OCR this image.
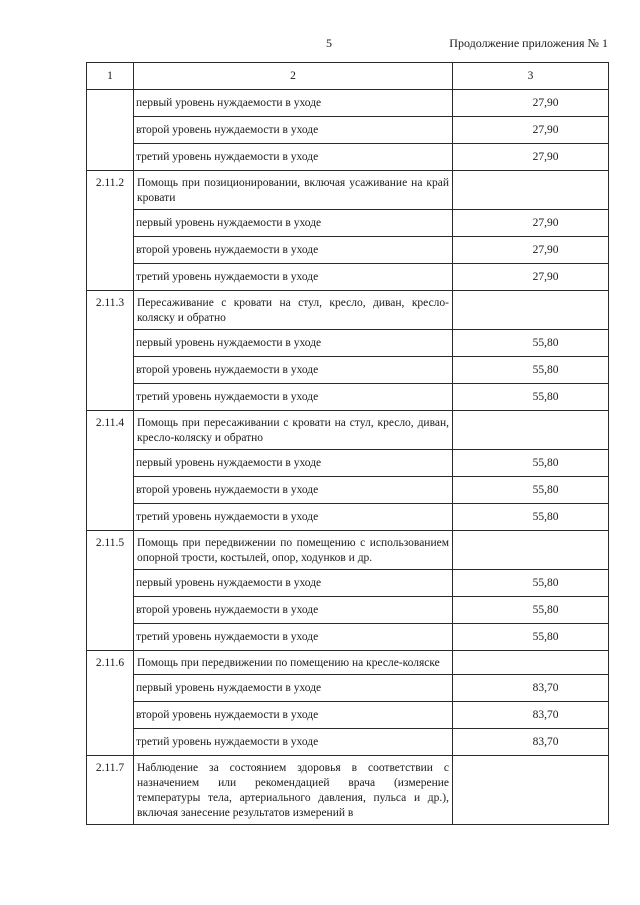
5	Продолжение приложения № 1
1	2	3
	первый уровень нуждаемости в уходе	27,90
	второй уровень нуждаемости в уходе	27,90
	третий уровень нуждаемости в уходе	27,90
2.11.2	Помощь при позиционировании, включая усаживание на край кровати	
	первый уровень нуждаемости в уходе	27,90
	второй уровень нуждаемости в уходе	27,90
	третий уровень нуждаемости в уходе	27,90
2.11.3	Пересаживание с кровати на стул, кресло, диван, кресло-коляску и обратно	
	первый уровень нуждаемости в уходе	55,80
	второй уровень нуждаемости в уходе	55,80
	третий уровень нуждаемости в уходе	55,80
2.11.4	Помощь при пересаживании с кровати на стул, кресло, диван, кресло-коляску и обратно	
	первый уровень нуждаемости в уходе	55,80
	второй уровень нуждаемости в уходе	55,80
	третий уровень нуждаемости в уходе	55,80
2.11.5	Помощь при передвижении по помещению с использованием опорной трости, костылей, опор, ходунков и др.	
	первый уровень нуждаемости в уходе	55,80
	второй уровень нуждаемости в уходе	55,80
	третий уровень нуждаемости в уходе	55,80
2.11.6	Помощь при передвижении по помещению на кресле-коляске	
	первый уровень нуждаемости в уходе	83,70
	второй уровень нуждаемости в уходе	83,70
	третий уровень нуждаемости в уходе	83,70
2.11.7	Наблюдение за состоянием здоровья в соответствии с назначением или рекомендацией врача (измерение температуры тела, артериального давления, пульса и др.), включая занесение результатов измерений в	
